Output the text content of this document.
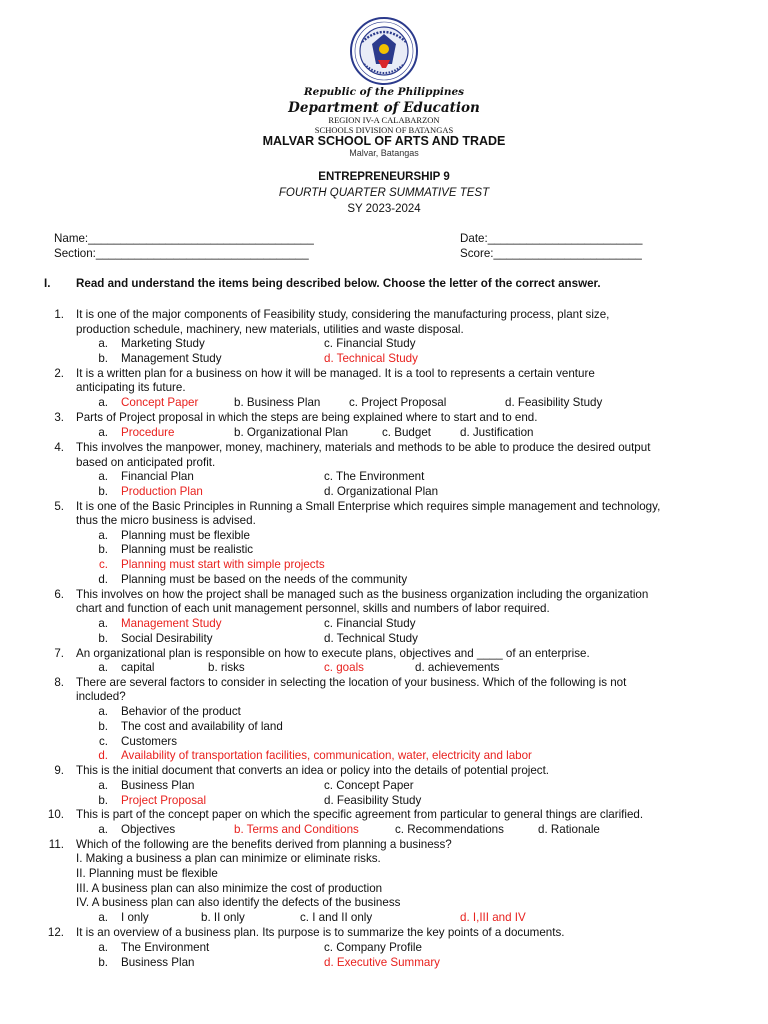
Republic of the Philippines
Department of Education
REGION IV-A CALABARZON
SCHOOLS DIVISION OF BATANGAS
MALVAR SCHOOL OF ARTS AND TRADE
Malvar, Batangas
ENTREPRENEURSHIP 9
FOURTH QUARTER SUMMATIVE TEST
SY 2023-2024
Name:___________________________________
Section:_________________________________
Date:________________________
Score:_______________________
I. Read and understand the items being described below. Choose the letter of the correct answer.
1. It is one of the major components of Feasibility study, considering the manufacturing process, plant size,
production schedule, machinery, new materials, utilities and waste disposal.
a. Marketing Study	c. Financial Study
b. Management Study	d. Technical Study
2. It is a written plan for a business on how it will be managed. It is a tool to represents a certain venture
anticipating its future.
a. Concept Paper	b. Business Plan c. Project Proposal	d. Feasibility Study
3. Parts of Project proposal in which the steps are being explained where to start and to end.
a. Procedure	b. Organizational Plan	c. Budget	d. Justification
4. This involves the manpower, money, machinery, materials and methods to be able to produce the desired output
based on anticipated profit.
a. Financial Plan	c. The Environment
b. Production Plan	d. Organizational Plan
5. It is one of the Basic Principles in Running a Small Enterprise which requires simple management and technology,
thus the micro business is advised.
a. Planning must be flexible
b. Planning must be realistic
c. Planning must start with simple projects
d. Planning must be based on the needs of the community
6. This involves on how the project shall be managed such as the business organization including the organization
chart and function of each unit management personnel, skills and numbers of labor required.
a. Management Study	c. Financial Study
b. Social Desirability	d. Technical Study
7. An organizational plan is responsible on how to execute plans, objectives and ____ of an enterprise.
a. capital	b. risks	c. goals	d. achievements
8. There are several factors to consider in selecting the location of your business. Which of the following is not
included?
a. Behavior of the product
b. The cost and availability of land
c. Customers
d. Availability of transportation facilities, communication, water, electricity and labor
9. This is the initial document that converts an idea or policy into the details of potential project.
a. Business Plan	c. Concept Paper
b. Project Proposal	d. Feasibility Study
10. This is part of the concept paper on which the specific agreement from particular to general things are clarified.
a. Objectives	b. Terms and Conditions	c. Recommendations	d. Rationale
11. Which of the following are the benefits derived from planning a business?
I. Making a business a plan can minimize or eliminate risks.
II. Planning must be flexible
III. A business plan can also minimize the cost of production
IV. A business plan can also identify the defects of the business
a. I only	b. II only	c. I and II only	d. I,III and IV
12. It is an overview of a business plan. Its purpose is to summarize the key points of a documents.
a. The Environment	c. Company Profile
b. Business Plan	d. Executive Summary
